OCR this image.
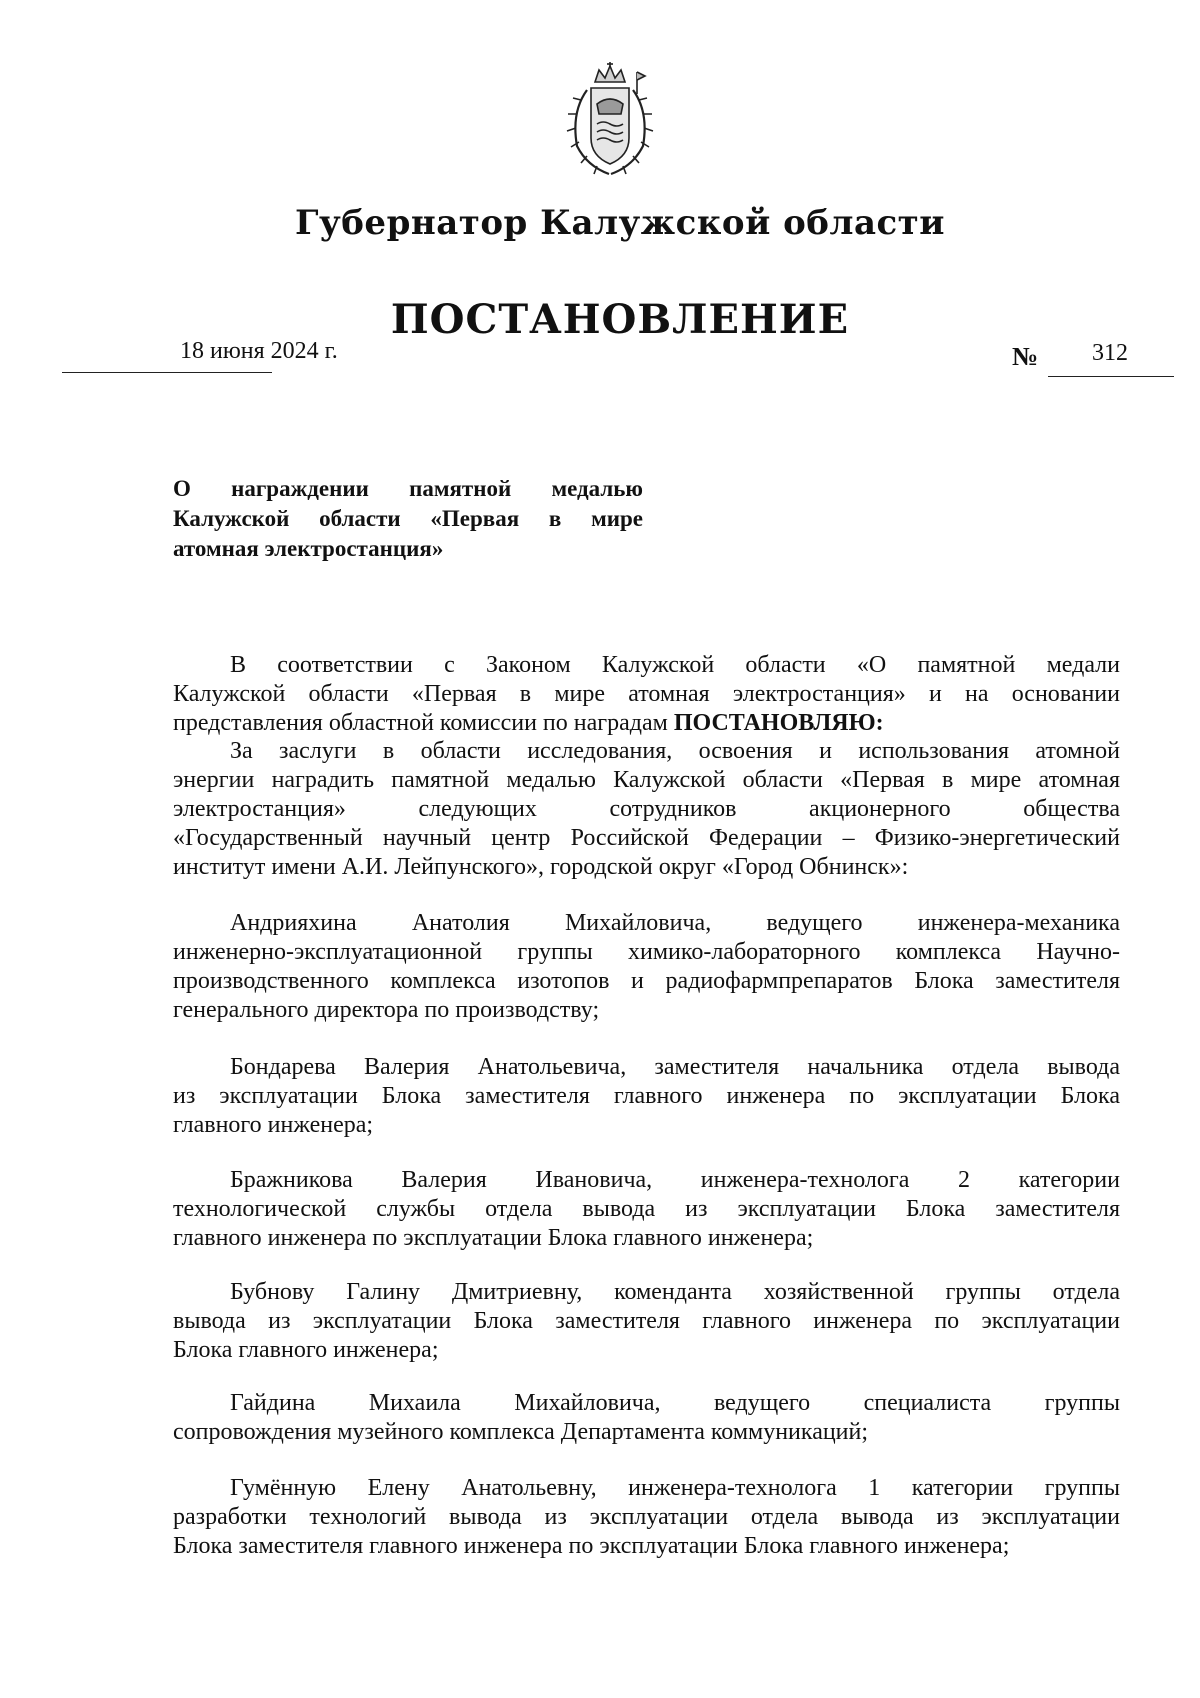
Губернатор Калужской области
ПОСТАНОВЛЕНИЕ
18 июня 2024 г.	№ 312
О награждении памятной медалью
Калужской области «Первая в мире
атомная электростанция»
В соответствии с Законом Калужской области «О памятной медали
Калужской области «Первая в мире атомная электростанция» и на основании
представления областной комиссии по наградам ПОСТАНОВЛЯЮ:
За заслуги в области исследования, освоения и использования атомной
энергии наградить памятной медалью Калужской области «Первая в мире атомная
электростанция» следующих сотрудников акционерного общества
«Государственный научный центр Российской Федерации – Физико-энергетический
институт имени А.И. Лейпунского», городской округ «Город Обнинск»:
Андрияхина Анатолия Михайловича, ведущего инженера-механика
инженерно-эксплуатационной группы химико-лабораторного комплекса Научно-
производственного комплекса изотопов и радиофармпрепаратов Блока заместителя
генерального директора по производству;
Бондарева Валерия Анатольевича, заместителя начальника отдела вывода
из эксплуатации Блока заместителя главного инженера по эксплуатации Блока
главного инженера;
Бражникова Валерия Ивановича, инженера-технолога 2 категории
технологической службы отдела вывода из эксплуатации Блока заместителя
главного инженера по эксплуатации Блока главного инженера;
Бубнову Галину Дмитриевну, коменданта хозяйственной группы отдела
вывода из эксплуатации Блока заместителя главного инженера по эксплуатации
Блока главного инженера;
Гайдина Михаила Михайловича, ведущего специалиста группы
сопровождения музейного комплекса Департамента коммуникаций;
Гумённую Елену Анатольевну, инженера-технолога 1 категории группы
разработки технологий вывода из эксплуатации отдела вывода из эксплуатации
Блока заместителя главного инженера по эксплуатации Блока главного инженера;
